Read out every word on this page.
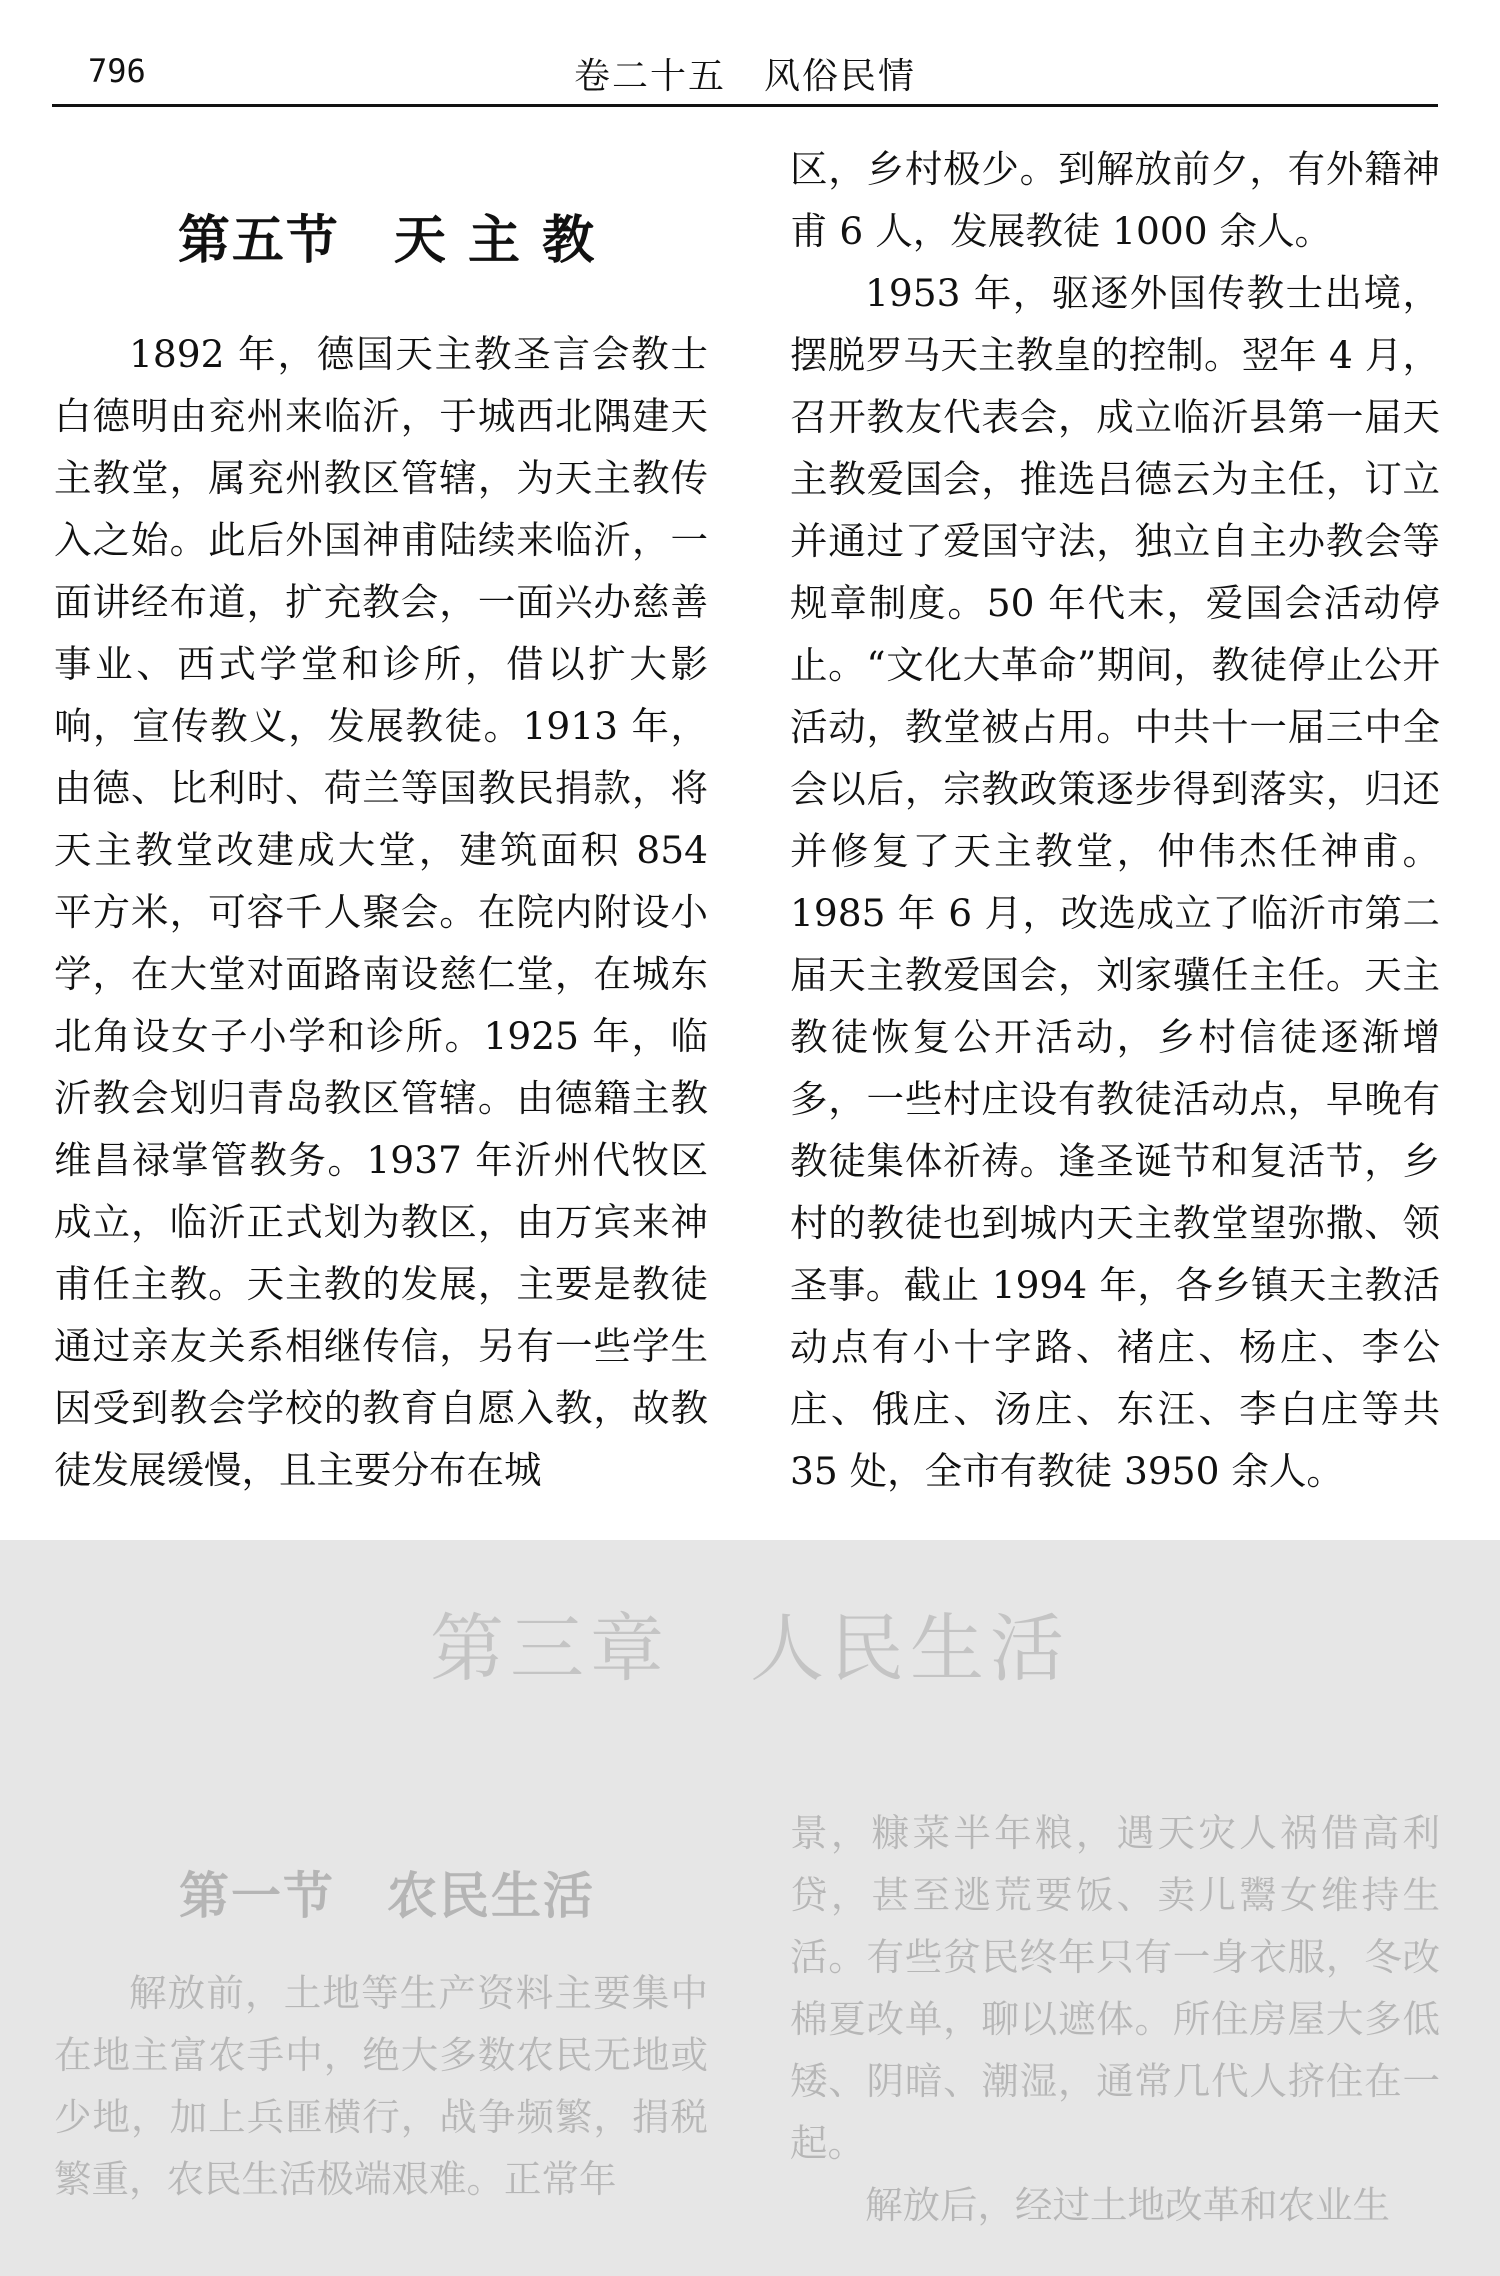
796	卷二十五　风俗民情
第五节　天 主 教

1892 年，德国天主教圣言会教士白德明由兖州来临沂，于城西北隅建天主教堂，属兖州教区管辖，为天主教传入之始。此后外国神甫陆续来临沂，一面讲经布道，扩充教会，一面兴办慈善事业、西式学堂和诊所，借以扩大影响，宣传教义，发展教徒。1913 年，由德、比利时、荷兰等国教民捐款，将天主教堂改建成大堂，建筑面积 854 平方米，可容千人聚会。在院内附设小学，在大堂对面路南设慈仁堂，在城东北角设女子小学和诊所。1925 年，临沂教会划归青岛教区管辖。由德籍主教维昌禄掌管教务。1937 年沂州代牧区成立，临沂正式划为教区，由万宾来神甫任主教。天主教的发展，主要是教徒通过亲友关系相继传信，另有一些学生因受到教会学校的教育自愿入教，故教徒发展缓慢，且主要分布在城

区，乡村极少。到解放前夕，有外籍神甫 6 人，发展教徒 1000 余人。

1953 年，驱逐外国传教士出境，摆脱罗马天主教皇的控制。翌年 4 月，召开教友代表会，成立临沂县第一届天主教爱国会，推选吕德云为主任，订立并通过了爱国守法，独立自主办教会等规章制度。50 年代末，爱国会活动停止。“文化大革命”期间，教徒停止公开活动，教堂被占用。中共十一届三中全会以后，宗教政策逐步得到落实，归还并修复了天主教堂，仲伟杰任神甫。1985 年 6 月，改选成立了临沂市第二届天主教爱国会，刘家骥任主任。天主教徒恢复公开活动，乡村信徒逐渐增多，一些村庄设有教徒活动点，早晚有教徒集体祈祷。逢圣诞节和复活节，乡村的教徒也到城内天主教堂望弥撒、领圣事。截止 1994 年，各乡镇天主教活动点有小十字路、褚庄、杨庄、李公庄、俄庄、汤庄、东汪、李白庄等共 35 处，全市有教徒 3950 余人。

第三章　人民生活
第一节　农民生活

解放前，土地等生产资料主要集中在地主富农手中，绝大多数农民无地或少地，加上兵匪横行，战争频繁，捐税繁重，农民生活极端艰难。正常年

景，糠菜半年粮，遇天灾人祸借高利贷，甚至逃荒要饭、卖儿鬻女维持生活。有些贫民终年只有一身衣服，冬改棉夏改单，聊以遮体。所住房屋大多低矮、阴暗、潮湿，通常几代人挤住在一起。

解放后，经过土地改革和农业生
